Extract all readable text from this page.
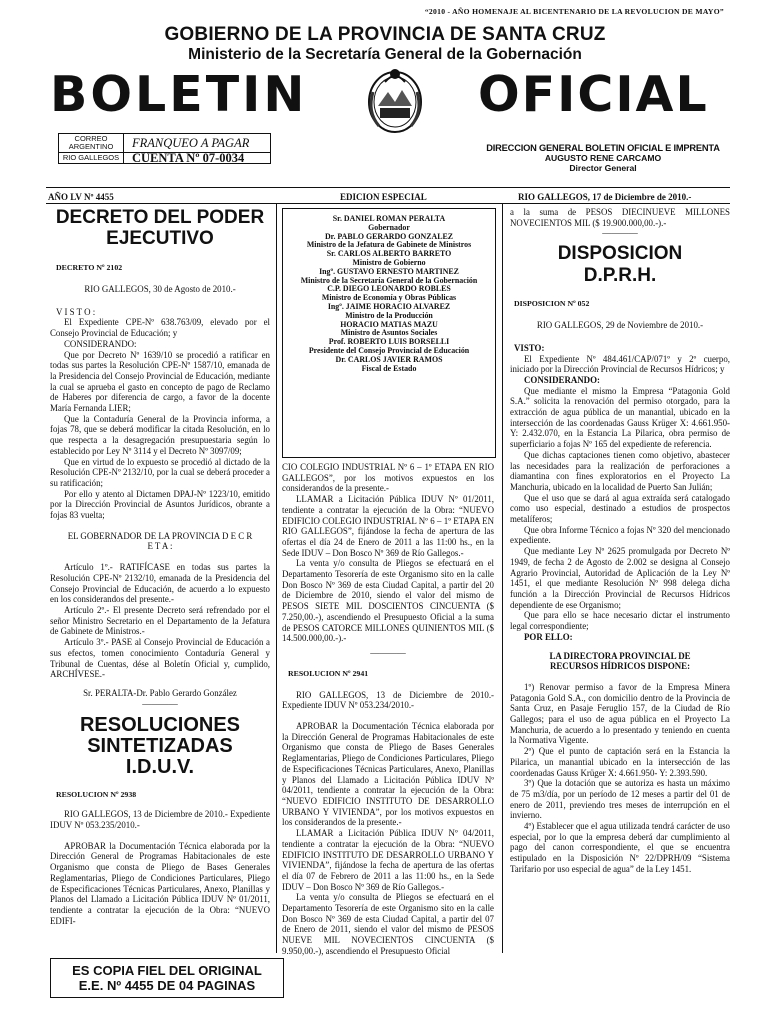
“2010 - AÑO HOMENAJE AL BICENTENARIO DE LA REVOLUCION DE MAYO”
GOBIERNO DE LA PROVINCIA DE SANTA CRUZ
Ministerio de la Secretaría General de la Gobernación
BOLETIN	OFICIAL
CORREO ARGENTINO	FRANQUEO A PAGAR
RIO GALLEGOS	CUENTA Nº 07-0034
DIRECCION GENERAL BOLETIN OFICIAL E IMPRENTA
AUGUSTO RENE CARCAMO
Director General
AÑO LV Nº 4455	EDICION ESPECIAL	RIO GALLEGOS, 17 de Diciembre de 2010.-
DECRETO DEL PODER EJECUTIVO

DECRETO Nº 2102

RIO GALLEGOS, 30 de Agosto de 2010.-

V I S T O :

El Expediente CPE-Nº 638.763/09, elevado por el Consejo Provincial de Educación; y

CONSIDERANDO:

Que por Decreto Nº 1639/10 se procedió a ratificar en todas sus partes la Resolución CPE-Nº 1587/10, emanada de la Presidencia del Consejo Provincial de Educación, mediante la cual se aprueba el gasto en concepto de pago de Reclamo de Haberes por diferencia de cargo, a favor de la docente María Fernanda LIER;

Que la Contaduría General de la Provincia informa, a fojas 78, que se deberá modificar la citada Resolución, en lo que respecta a la desagregación presupuestaria según lo establecido por Ley Nº 3114 y el Decreto Nº 3097/09;

Que en virtud de lo expuesto se procedió al dictado de la Resolución CPE-Nº 2132/10, por la cual se deberá proceder a su ratificación;

Por ello y atento al Dictamen DPAJ-Nº 1223/10, emitido por la Dirección Provincial de Asuntos Jurídicos, obrante a fojas 83 vuelta;

EL GOBERNADOR DE LA PROVINCIA D E C R E T A :

Artículo 1º.- RATIFÍCASE en todas sus partes la Resolución CPE-Nº 2132/10, emanada de la Presidencia del Consejo Provincial de Educación, de acuerdo a lo expuesto en los considerandos del presente.-

Artículo 2º.- El presente Decreto será refrendado por el señor Ministro Secretario en el Departamento de la Jefatura de Gabinete de Ministros.-

Artículo 3º.- PASE al Consejo Provincial de Educación a sus efectos, tomen conocimiento Contaduría General y Tribunal de Cuentas, dése al Boletín Oficial y, cumplido, ARCHÍVESE.-

Sr. PERALTA-Dr. Pablo Gerardo González

————

RESOLUCIONES SINTETIZADAS I.D.U.V.

RESOLUCION Nº 2938

RIO GALLEGOS, 13 de Diciembre de 2010.- Expediente IDUV Nº 053.235/2010.-

APROBAR la Documentación Técnica elaborada por la Dirección General de Programas Habitacionales de este Organismo que consta de Pliego de Bases Generales Reglamentarias, Pliego de Condiciones Particulares, Pliego de Especificaciones Técnicas Particulares, Anexo, Planillas y Planos del Llamado a Licitación Pública IDUV Nº 01/2011, tendiente a contratar la ejecución de la Obra: “NUEVO EDIFI-

Sr. DANIEL ROMAN PERALTA
Gobernador
Dr. PABLO GERARDO GONZALEZ
Ministro de la Jefatura de Gabinete de Ministros
Sr. CARLOS ALBERTO BARRETO
Ministro de Gobierno
Ingº. GUSTAVO ERNESTO MARTINEZ
Ministro de la Secretaría General de la Gobernación
C.P. DIEGO LEONARDO ROBLES
Ministro de Economía y Obras Públicas
Ingº. JAIME HORACIO ALVAREZ
Ministro de la Producción
HORACIO MATIAS MAZU
Ministro de Asuntos Sociales
Prof. ROBERTO LUIS BORSELLI
Presidente del Consejo Provincial de Educación
Dr. CARLOS JAVIER RAMOS
Fiscal de Estado

CIO COLEGIO INDUSTRIAL Nº 6 – 1º ETAPA EN RIO GALLEGOS”, por los motivos expuestos en los considerandos de la presente.-

LLAMAR a Licitación Pública IDUV Nº 01/2011, tendiente a contratar la ejecución de la Obra: “NUEVO EDIFICIO COLEGIO INDUSTRIAL Nº 6 – 1º ETAPA EN RIO GALLEGOS”, fijándose la fecha de apertura de las ofertas el día 24 de Enero de 2011 a las 11:00 hs., en la Sede IDUV – Don Bosco Nº 369 de Río Gallegos.-

La venta y/o consulta de Pliegos se efectuará en el Departamento Tesorería de este Organismo sito en la calle Don Bosco Nº 369 de esta Ciudad Capital, a partir del 20 de Diciembre de 2010, siendo el valor del mismo de PESOS SIETE MIL DOSCIENTOS CINCUENTA ($ 7.250,00.-), ascendiendo el Presupuesto Oficial a la suma de PESOS CATORCE MILLONES QUINIENTOS MIL ($ 14.500.000,00.-).-

————

RESOLUCION Nº 2941

RIO GALLEGOS, 13 de Diciembre de 2010.- Expediente IDUV Nº 053.234/2010.-

APROBAR la Documentación Técnica elaborada por la Dirección General de Programas Habitacionales de este Organismo que consta de Pliego de Bases Generales Reglamentarias, Pliego de Condiciones Particulares, Pliego de Especificaciones Técnicas Particulares, Anexo, Planillas y Planos del Llamado a Licitación Pública IDUV Nº 04/2011, tendiente a contratar la ejecución de la Obra: “NUEVO EDIFICIO INSTITUTO DE DESARROLLO URBANO Y VIVIENDA”, por los motivos expuestos en los considerandos de la presente.-

LLAMAR a Licitación Pública IDUV Nº 04/2011, tendiente a contratar la ejecución de la Obra: “NUEVO EDIFICIO INSTITUTO DE DESARROLLO URBANO Y VIVIENDA”, fijándose la fecha de apertura de las ofertas el día 07 de Febrero de 2011 a las 11:00 hs., en la Sede IDUV – Don Bosco Nº 369 de Río Gallegos.-

La venta y/o consulta de Pliegos se efectuará en el Departamento Tesorería de este Organismo sito en la calle Don Bosco Nº 369 de esta Ciudad Capital, a partir del 07 de Enero de 2011, siendo el valor del mismo de PESOS NUEVE MIL NOVECIENTOS CINCUENTA ($ 9.950,00.-), ascendiendo el Presupuesto Oficial

a la suma de PESOS DIECINUEVE MILLONES NOVECIENTOS MIL ($ 19.900.000,00.-).-

————

DISPOSICION D.P.R.H.

DISPOSICION Nº 052

RIO GALLEGOS, 29 de Noviembre de 2010.-

VISTO:

El Expediente Nº 484.461/CAP/071º y 2º cuerpo, iniciado por la Dirección Provincial de Recursos Hídricos; y

CONSIDERANDO:

Que mediante el mismo la Empresa “Patagonia Gold S.A.” solicita la renovación del permiso otorgado, para la extracción de agua pública de un manantial, ubicado en la intersección de las coordenadas Gauss Krüger X: 4.661.950- Y: 2.432.070, en la Estancia La Pilarica, obra permiso de superficiario a fojas Nº 165 del expediente de referencia.

Que dichas captaciones tienen como objetivo, abastecer las necesidades para la realización de perforaciones a diamantina con fines exploratorios en el Proyecto La Manchuria, ubicado en la localidad de Puerto San Julián;

Que el uso que se dará al agua extraída será catalogado como uso especial, destinado a estudios de prospectos metalíferos;

Que obra Informe Técnico a fojas Nº 320 del mencionado expediente.

Que mediante Ley Nº 2625 promulgada por Decreto Nº 1949, de fecha 2 de Agosto de 2.002 se designa al Consejo Agrario Provincial, Autoridad de Aplicación de la Ley Nº 1451, el que mediante Resolución Nº 998 delega dicha función a la Dirección Provincial de Recursos Hídricos dependiente de ese Organismo;

Que para ello se hace necesario dictar el instrumento legal correspondiente;

POR ELLO:

LA DIRECTORA PROVINCIAL DE RECURSOS HÍDRICOS DISPONE:

1º) Renovar permiso a favor de la Empresa Minera Patagonia Gold S.A., con domicilio dentro de la Provincia de Santa Cruz, en Pasaje Feruglio 157, de la Ciudad de Río Gallegos; para el uso de agua pública en el Proyecto La Manchuria, de acuerdo a lo presentado y teniendo en cuenta la Normativa Vigente.

2º) Que el punto de captación será en la Estancia la Pilarica, un manantial ubicado en la intersección de las coordenadas Gauss Krüger X: 4.661.950- Y: 2.393.590.

3º) Que la dotación que se autoriza es hasta un máximo de 75 m3/día, por un período de 12 meses a partir del 01 de enero de 2011, previendo tres meses de interrupción en el invierno.

4º) Establecer que el agua utilizada tendrá carácter de uso especial, por lo que la empresa deberá dar cumplimiento al pago del canon correspondiente, el que se encuentra estipulado en la Disposición Nº 22/DPRH/09 “Sistema Tarifario por uso especial de agua” de la Ley 1451.

ES COPIA FIEL DEL ORIGINAL
E.E. Nº 4455 DE 04 PAGINAS
